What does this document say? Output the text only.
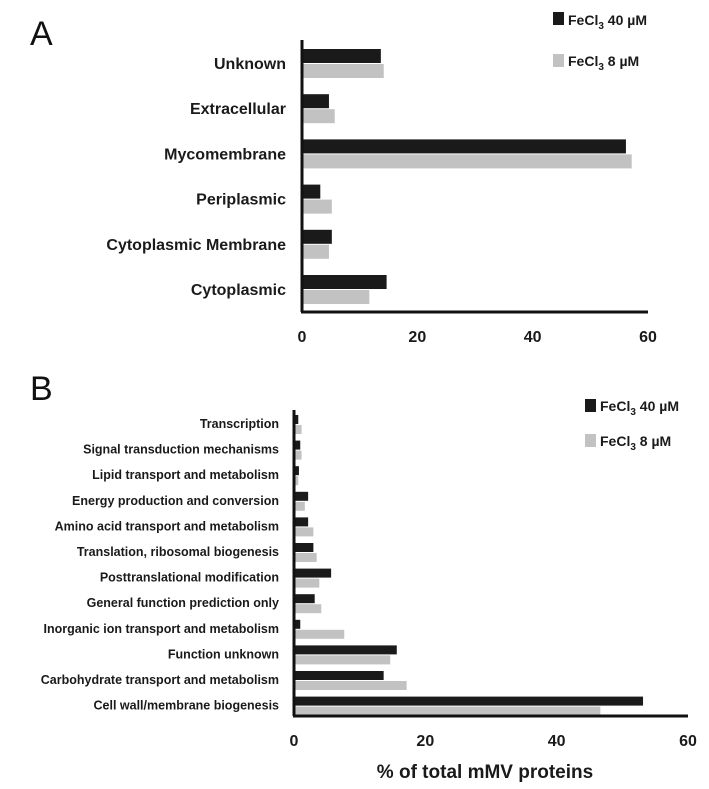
A
Unknown
Extracellular
Mycomembrane
Periplasmic
Cytoplasmic Membrane
Cytoplasmic
0	20	40	60
FeCl$_3$ 40 µM
FeCl$_3$ 8 µM
B
% of total mMV proteins
Transcription
Signal transduction mechanisms
Lipid transport and metabolism
Energy production and conversion
Amino acid transport and metabolism
Translation, ribosomal biogenesis
Posttranslational modification
General function prediction only
Inorganic ion transport and metabolism
Function unknown
Carbohydrate transport and metabolism
Cell wall/membrane biogenesis
0	20	40	60
FeCl$_3$ 40 µM
FeCl$_3$ 8 µM
